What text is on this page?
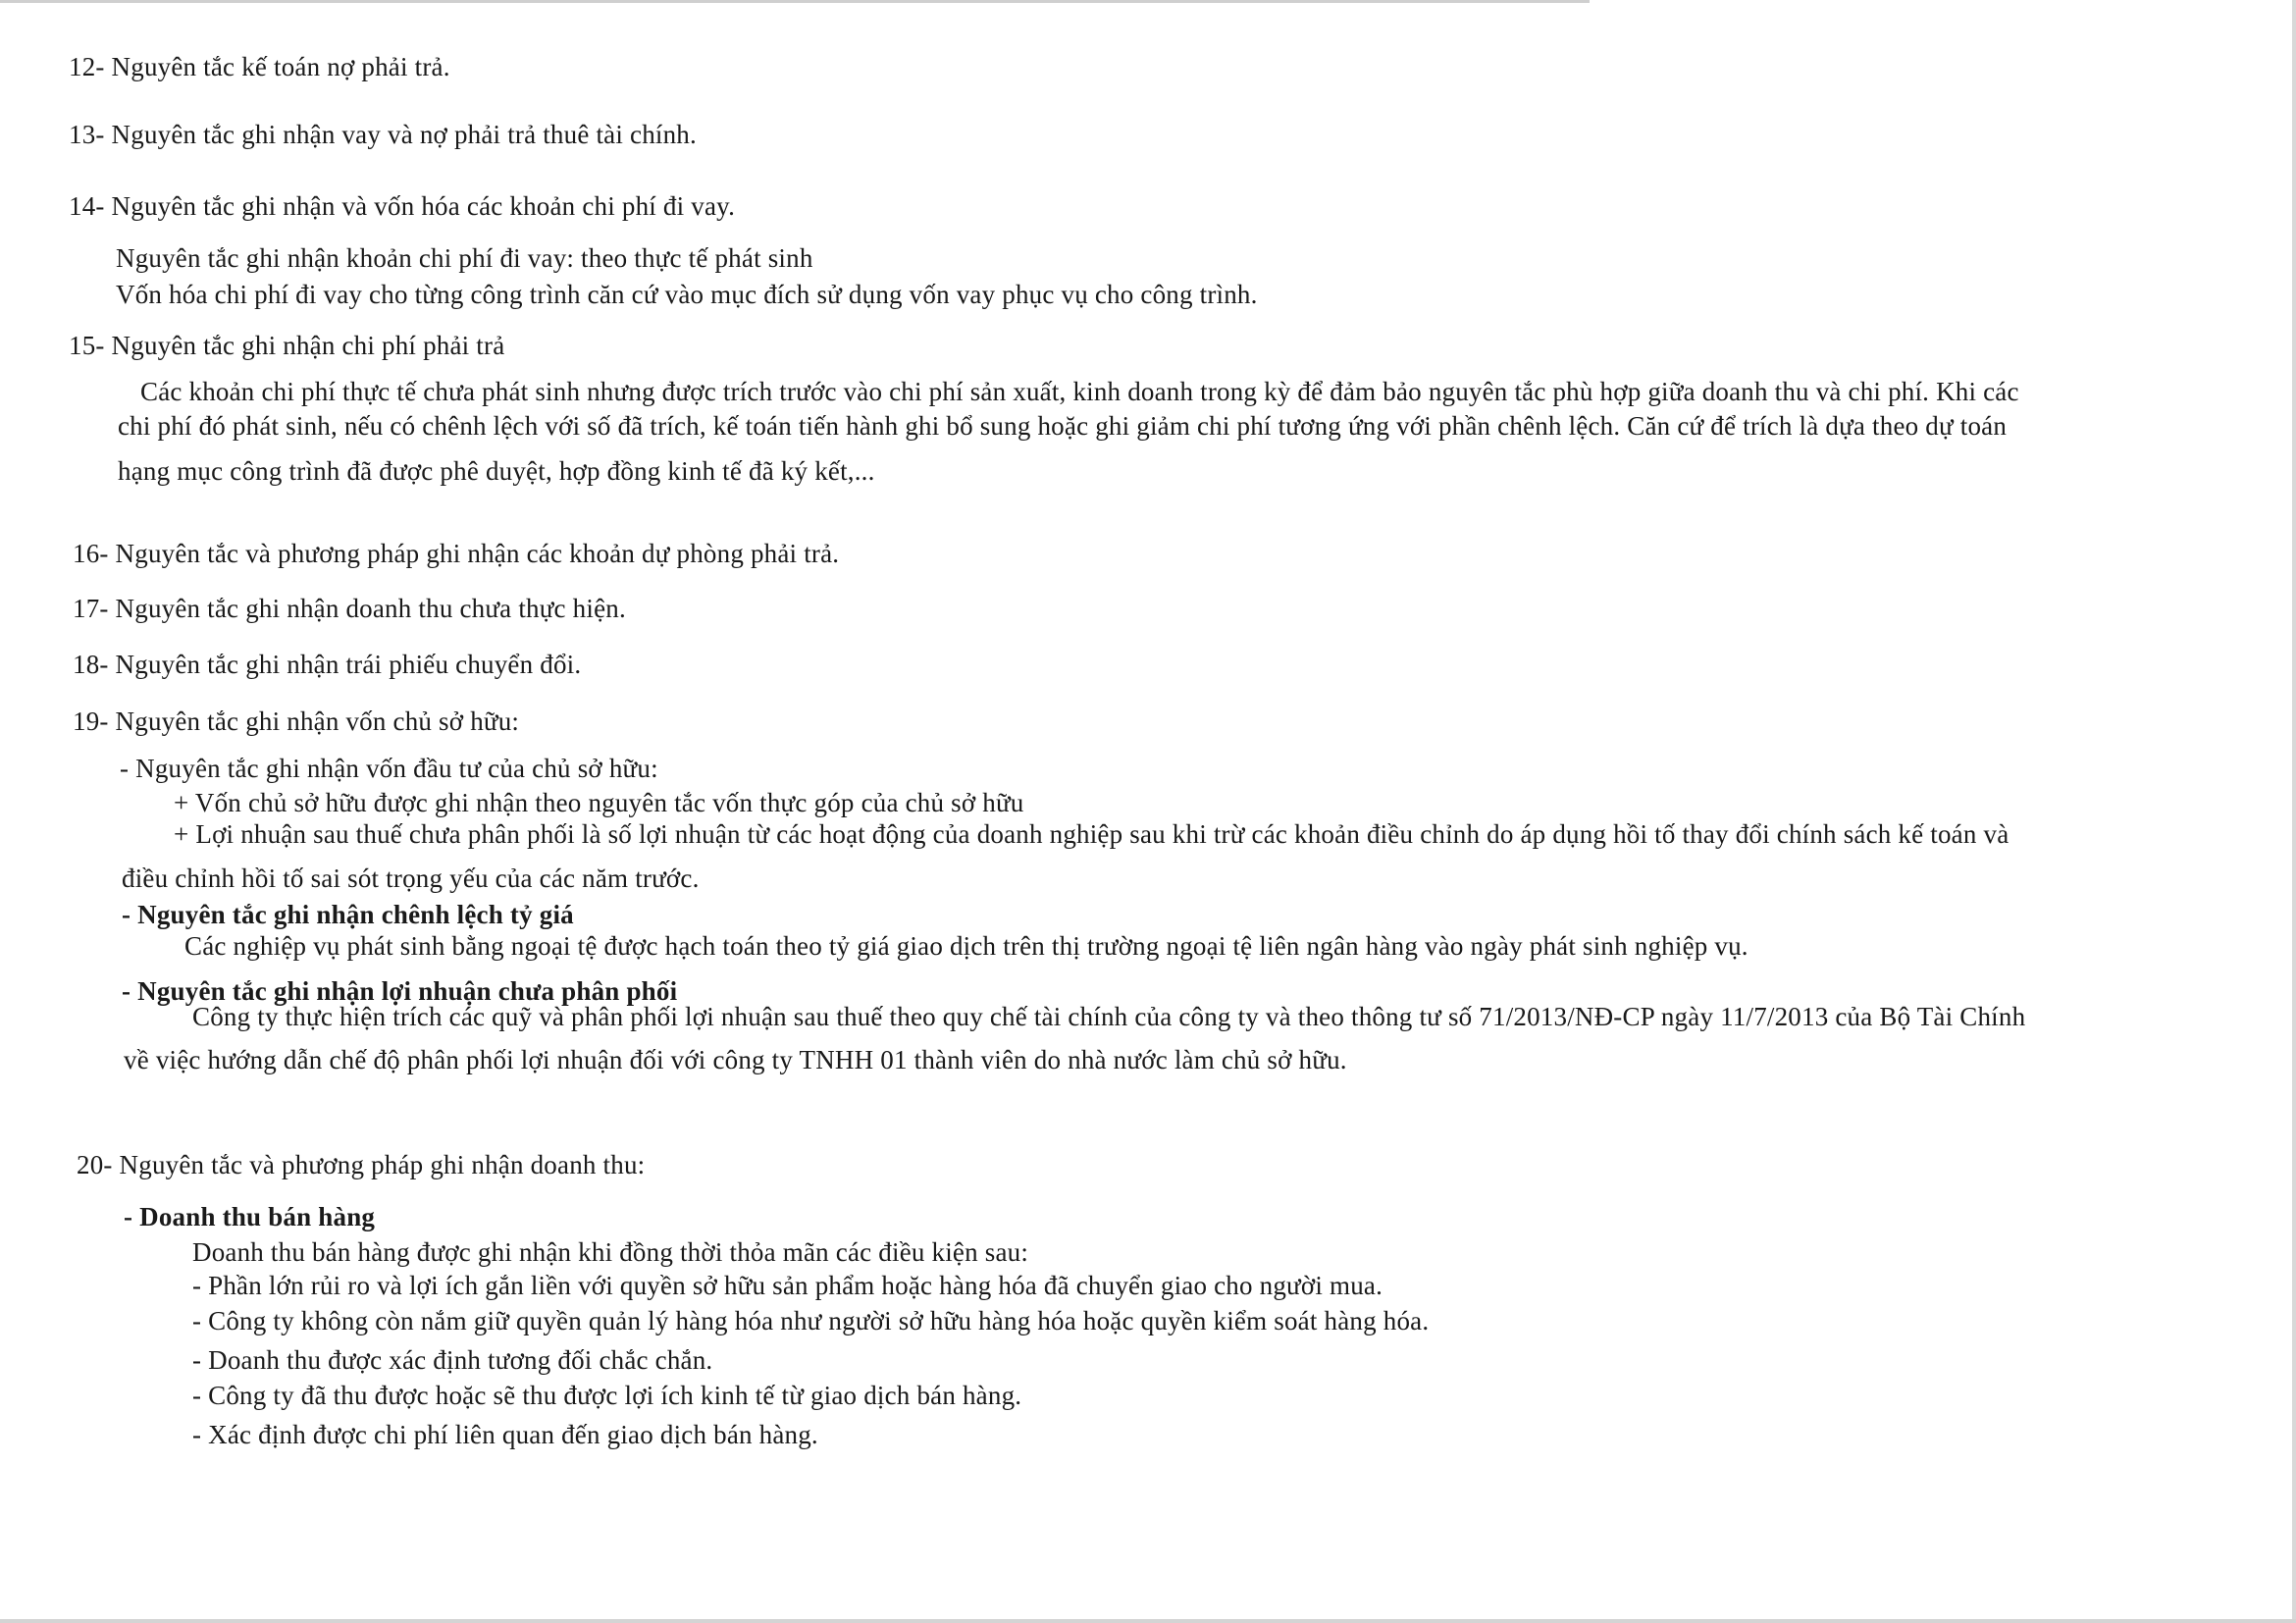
12- Nguyên tắc kế toán nợ phải trả.
13- Nguyên tắc ghi nhận vay và nợ phải trả thuê tài chính.
14- Nguyên tắc ghi nhận và vốn hóa các khoản chi phí đi vay.
Nguyên tắc ghi nhận khoản chi phí đi vay: theo thực tế phát sinh
Vốn hóa chi phí đi vay cho từng công trình căn cứ vào mục đích sử dụng vốn vay phục vụ cho công trình.
15- Nguyên tắc ghi nhận chi phí phải trả
Các khoản chi phí thực tế chưa phát sinh nhưng được trích trước vào chi phí sản xuất, kinh doanh trong kỳ để đảm bảo nguyên tắc phù hợp giữa doanh thu và chi phí. Khi các
chi phí đó phát sinh, nếu có chênh lệch với số đã trích, kế toán tiến hành ghi bổ sung hoặc ghi giảm chi phí tương ứng với phần chênh lệch. Căn cứ để trích là dựa theo dự toán
hạng mục công trình đã được phê duyệt, hợp đồng kinh tế đã ký kết,...
16- Nguyên tắc và phương pháp ghi nhận các khoản dự phòng phải trả.
17- Nguyên tắc ghi nhận doanh thu chưa thực hiện.
18- Nguyên tắc ghi nhận trái phiếu chuyển đổi.
19- Nguyên tắc ghi nhận vốn chủ sở hữu:
- Nguyên tắc ghi nhận vốn đầu tư của chủ sở hữu:
+ Vốn chủ sở hữu được ghi nhận theo nguyên tắc vốn thực góp của chủ sở hữu
+ Lợi nhuận sau thuế chưa phân phối là số lợi nhuận từ các hoạt động của doanh nghiệp sau khi trừ các khoản điều chỉnh do áp dụng hồi tố thay đổi chính sách kế toán và
điều chỉnh hồi tố sai sót trọng yếu của các năm trước.
- Nguyên tắc ghi nhận chênh lệch tỷ giá
Các nghiệp vụ phát sinh bằng ngoại tệ được hạch toán theo tỷ giá giao dịch trên thị trường ngoại tệ liên ngân hàng vào ngày phát sinh nghiệp vụ.
- Nguyên tắc ghi nhận lợi nhuận chưa phân phối
Công ty thực hiện trích các quỹ và phân phối lợi nhuận sau thuế theo quy chế tài chính của công ty và theo thông tư số 71/2013/NĐ-CP ngày 11/7/2013 của Bộ Tài Chính
về việc hướng dẫn chế độ phân phối lợi nhuận đối với công ty TNHH 01 thành viên do nhà nước làm chủ sở hữu.
20- Nguyên tắc và phương pháp ghi nhận doanh thu:
- Doanh thu bán hàng
Doanh thu bán hàng được ghi nhận khi đồng thời thỏa mãn các điều kiện sau:
- Phần lớn rủi ro và lợi ích gắn liền với quyền sở hữu sản phẩm hoặc hàng hóa đã chuyển giao cho người mua.
- Công ty không còn nắm giữ quyền quản lý hàng hóa như người sở hữu hàng hóa hoặc quyền kiểm soát hàng hóa.
- Doanh thu được xác định tương đối chắc chắn.
- Công ty đã thu được hoặc sẽ thu được lợi ích kinh tế từ giao dịch bán hàng.
- Xác định được chi phí liên quan đến giao dịch bán hàng.
